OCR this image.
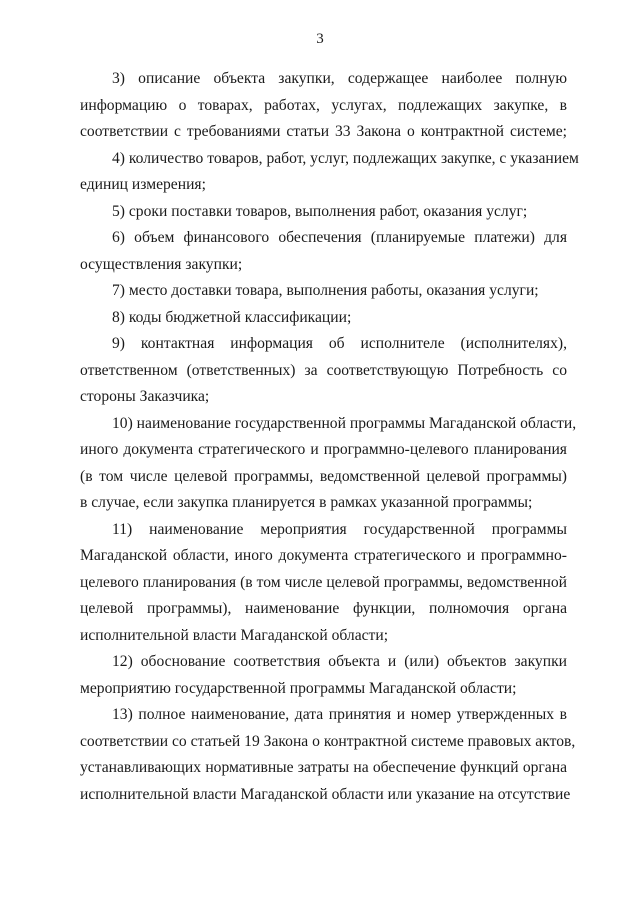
3
3) описание объекта закупки, содержащее наиболее полную
информацию о товарах, работах, услугах, подлежащих закупке, в
соответствии с требованиями статьи 33 Закона о контрактной системе;
4) количество товаров, работ, услуг, подлежащих закупке, с указанием
единиц измерения;
5) сроки поставки товаров, выполнения работ, оказания услуг;
6) объем финансового обеспечения (планируемые платежи) для
осуществления закупки;
7) место доставки товара, выполнения работы, оказания услуги;
8) коды бюджетной классификации;
9) контактная информация об исполнителе (исполнителях),
ответственном (ответственных) за соответствующую Потребность со
стороны Заказчика;
10) наименование государственной программы Магаданской области,
иного документа стратегического и программно-целевого планирования
(в том числе целевой программы, ведомственной целевой программы)
в случае, если закупка планируется в рамках указанной программы;
11) наименование мероприятия государственной программы
Магаданской области, иного документа стратегического и программно-
целевого планирования (в том числе целевой программы, ведомственной
целевой программы), наименование функции, полномочия органа
исполнительной власти Магаданской области;
12) обоснование соответствия объекта и (или) объектов закупки
мероприятию государственной программы Магаданской области;
13) полное наименование, дата принятия и номер утвержденных в
соответствии со статьей 19 Закона о контрактной системе правовых актов,
устанавливающих нормативные затраты на обеспечение функций органа
исполнительной власти Магаданской области или указание на отсутствие
